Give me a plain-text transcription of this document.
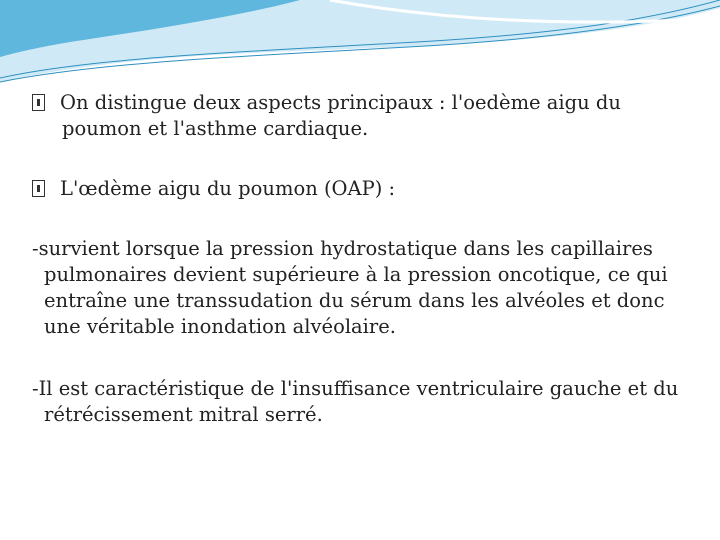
On distingue deux aspects principaux : l'oedème aigu du poumon et l'asthme cardiaque.

L'œdème aigu du poumon (OAP) :

-survient lorsque la pression hydrostatique dans les capillaires pulmonaires devient supérieure à la pression oncotique, ce qui entraîne une transsudation du sérum dans les alvéoles et donc une véritable inondation alvéolaire.

-Il est caractéristique de l'insuffisance ventriculaire gauche et du rétrécissement mitral serré.
